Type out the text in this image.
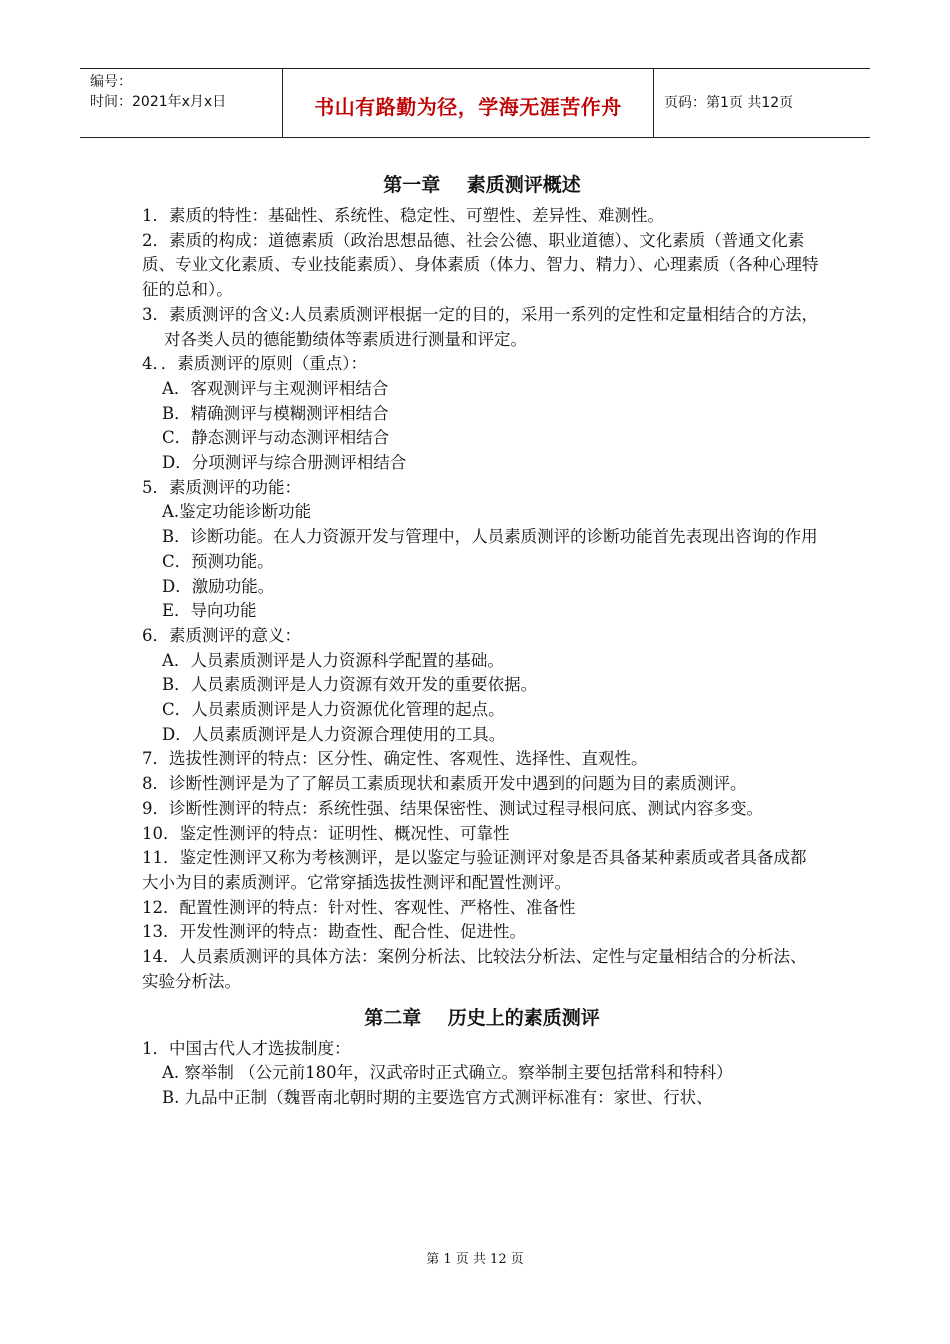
编号：
时间：2021年x月x日	书山有路勤为径，学海无涯苦作舟	页码：第1页 共12页
第一章    素质测评概述

1．素质的特性：基础性、系统性、稳定性、可塑性、差异性、难测性。

2．素质的构成：道德素质（政治思想品德、社会公德、职业道德）、文化素质（普通文化素质、专业文化素质、专业技能素质）、身体素质（体力、智力、精力）、心理素质（各种心理特征的总和）。

3．素质测评的含义:人员素质测评根据一定的目的，采用一系列的定性和定量相结合的方法，对各类人员的德能勤绩体等素质进行测量和评定。

4．．素质测评的原则（重点）：

A．客观测评与主观测评相结合

B．精确测评与模糊测评相结合

C．静态测评与动态测评相结合

D．分项测评与综合册测评相结合

5．素质测评的功能：

A.鉴定功能诊断功能

B．诊断功能。在人力资源开发与管理中，人员素质测评的诊断功能首先表现出咨询的作用

C．预测功能。

D．激励功能。

E．导向功能

6．素质测评的意义：

A．人员素质测评是人力资源科学配置的基础。

B．人员素质测评是人力资源有效开发的重要依据。

C．人员素质测评是人力资源优化管理的起点。

D．人员素质测评是人力资源合理使用的工具。

7．选拔性测评的特点：区分性、确定性、客观性、选择性、直观性。

8．诊断性测评是为了了解员工素质现状和素质开发中遇到的问题为目的素质测评。

9．诊断性测评的特点：系统性强、结果保密性、测试过程寻根问底、测试内容多变。

10．鉴定性测评的特点：证明性、概况性、可靠性

11．鉴定性测评又称为考核测评，是以鉴定与验证测评对象是否具备某种素质或者具备成都大小为目的素质测评。它常穿插选拔性测评和配置性测评。

12．配置性测评的特点：针对性、客观性、严格性、准备性

13．开发性测评的特点：勘查性、配合性、促进性。

14．人员素质测评的具体方法：案例分析法、比较法分析法、定性与定量相结合的分析法、实验分析法。

第二章    历史上的素质测评

1．中国古代人才选拔制度：

A. 察举制 （公元前180年，汉武帝时正式确立。察举制主要包括常科和特科）

B. 九品中正制（魏晋南北朝时期的主要选官方式测评标准有：家世、行状、

第 1 页 共 12 页
